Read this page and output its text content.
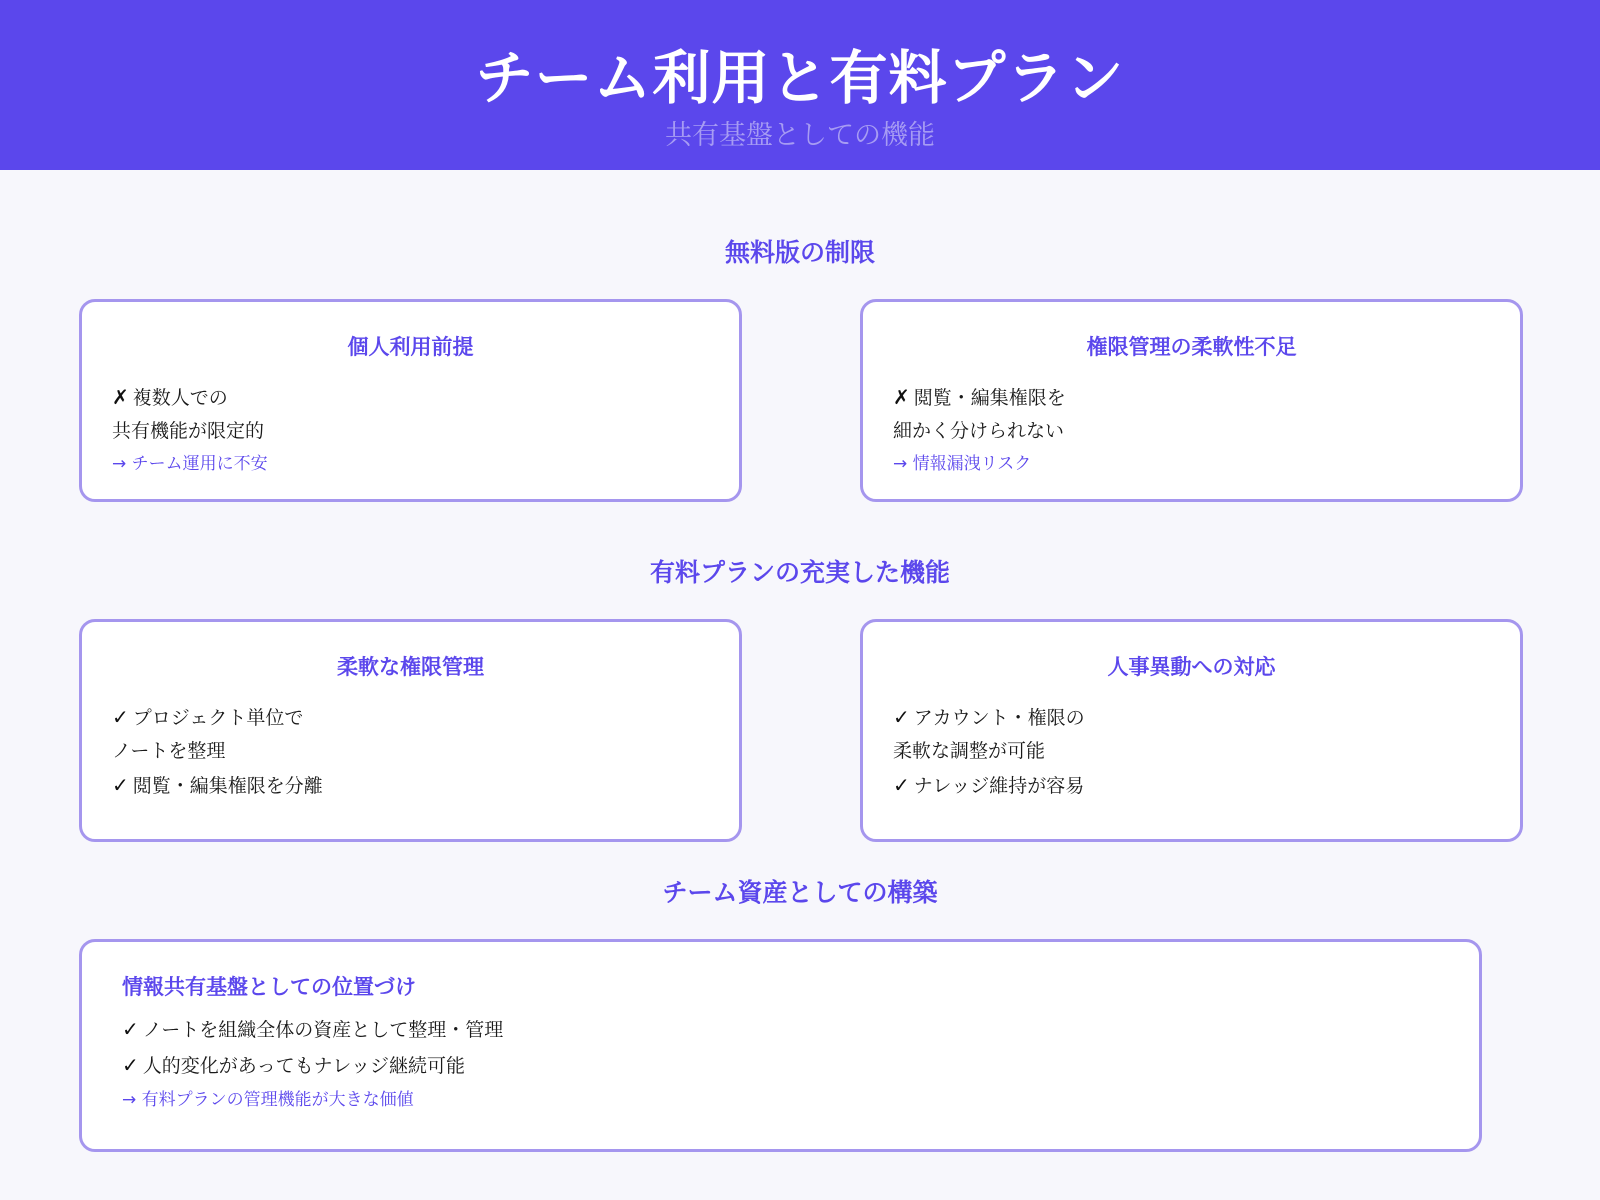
チーム利用と有料プラン
共有基盤としての機能
無料版の制限
個人利用前提
✗ 複数人での
共有機能が限定的
→ チーム運用に不安
権限管理の柔軟性不足
✗ 閲覧・編集権限を
細かく分けられない
→ 情報漏洩リスク
有料プランの充実した機能
柔軟な権限管理
✓ プロジェクト単位で
ノートを整理
✓ 閲覧・編集権限を分離
人事異動への対応
✓ アカウント・権限の
柔軟な調整が可能
✓ ナレッジ維持が容易
チーム資産としての構築
情報共有基盤としての位置づけ
✓ ノートを組織全体の資産として整理・管理
✓ 人的変化があってもナレッジ継続可能
→ 有料プランの管理機能が大きな価値
